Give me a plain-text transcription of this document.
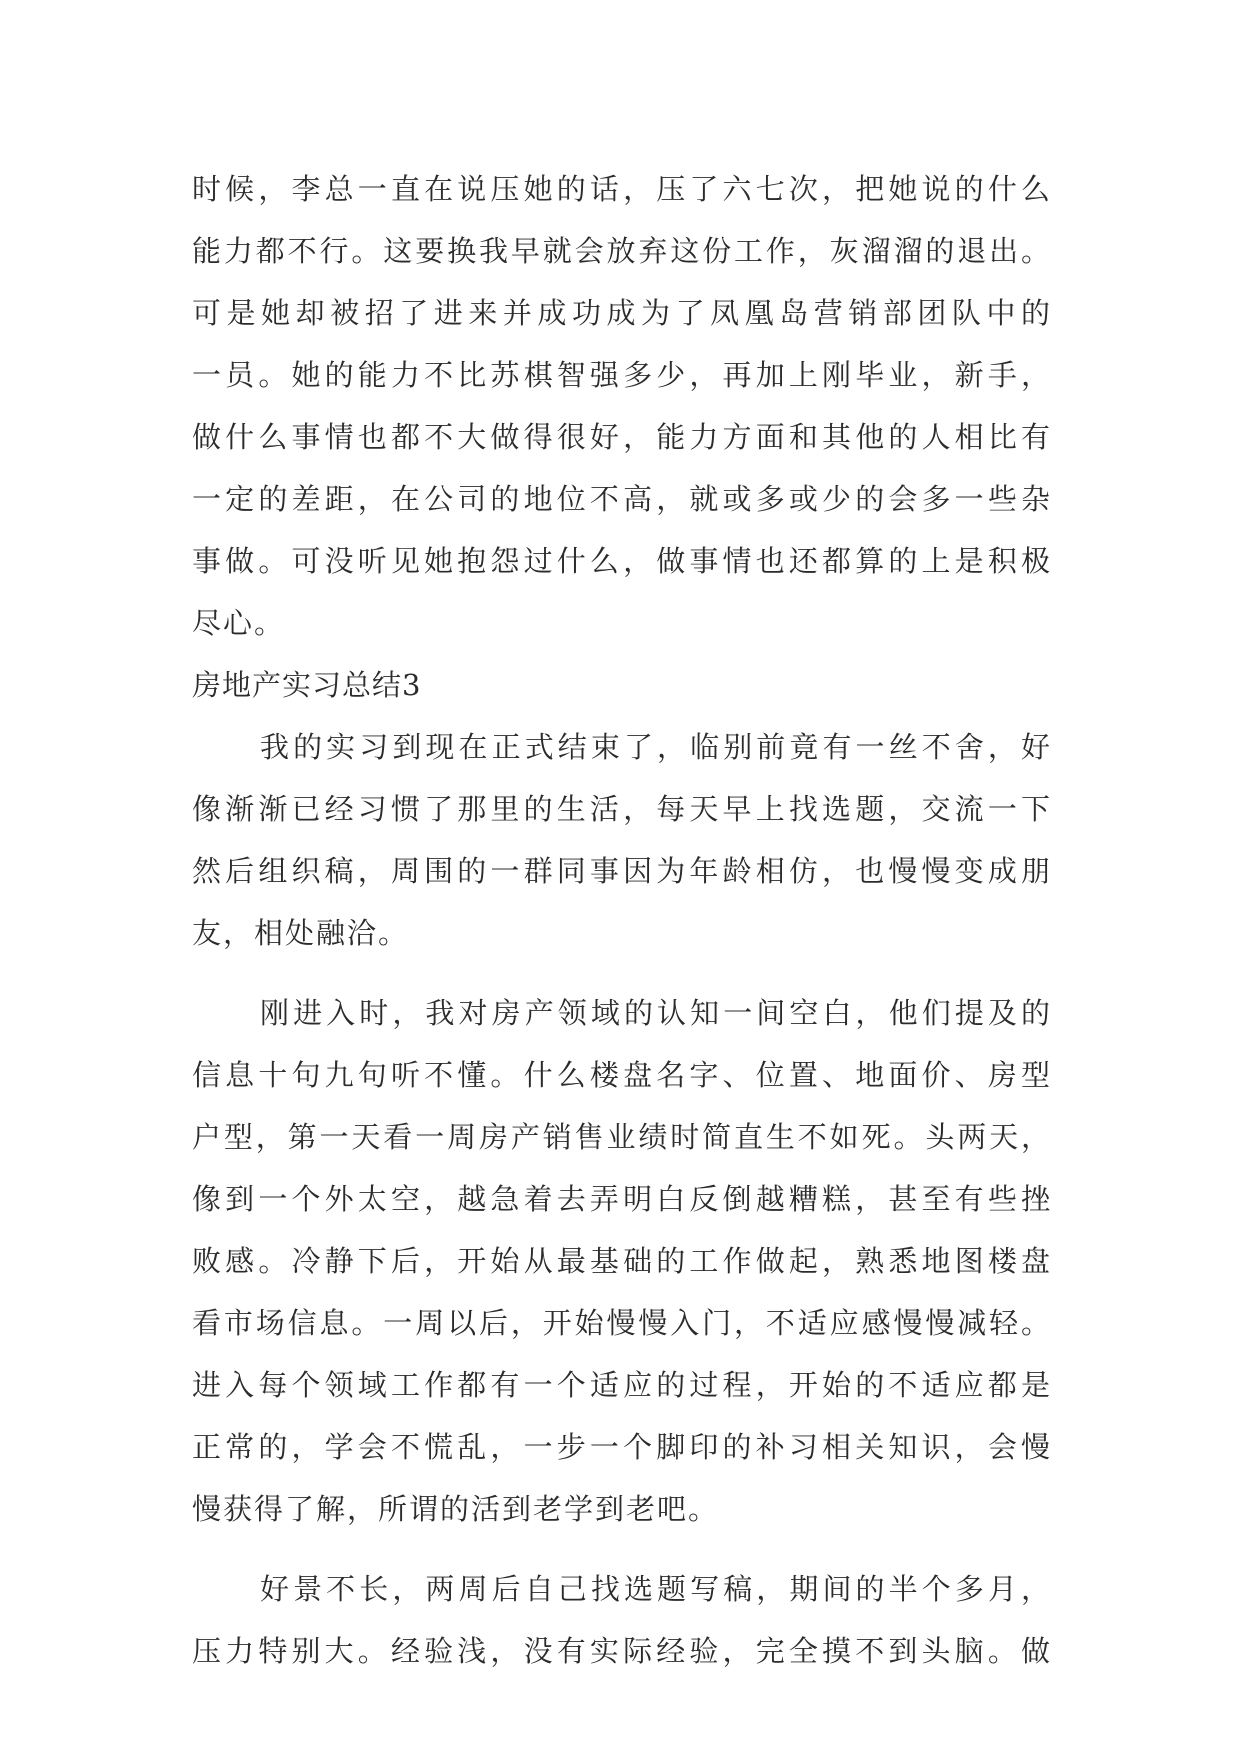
时候，李总一直在说压她的话，压了六七次，把她说的什么
能力都不行。这要换我早就会放弃这份工作，灰溜溜的退出。
可是她却被招了进来并成功成为了凤凰岛营销部团队中的
一员。她的能力不比苏棋智强多少，再加上刚毕业，新手，
做什么事情也都不大做得很好，能力方面和其他的人相比有
一定的差距，在公司的地位不高，就或多或少的会多一些杂
事做。可没听见她抱怨过什么，做事情也还都算的上是积极
尽心。
房地产实习总结3
我的实习到现在正式结束了，临别前竟有一丝不舍，好
像渐渐已经习惯了那里的生活，每天早上找选题，交流一下
然后组织稿，周围的一群同事因为年龄相仿，也慢慢变成朋
友，相处融洽。
刚进入时，我对房产领域的认知一间空白，他们提及的
信息十句九句听不懂。什么楼盘名字、位置、地面价、房型
户型，第一天看一周房产销售业绩时简直生不如死。头两天，
像到一个外太空，越急着去弄明白反倒越糟糕，甚至有些挫
败感。冷静下后，开始从最基础的工作做起，熟悉地图楼盘
看市场信息。一周以后，开始慢慢入门，不适应感慢慢减轻。
进入每个领域工作都有一个适应的过程，开始的不适应都是
正常的，学会不慌乱，一步一个脚印的补习相关知识，会慢
慢获得了解，所谓的活到老学到老吧。
好景不长，两周后自己找选题写稿，期间的半个多月，
压力特别大。经验浅，没有实际经验，完全摸不到头脑。做
